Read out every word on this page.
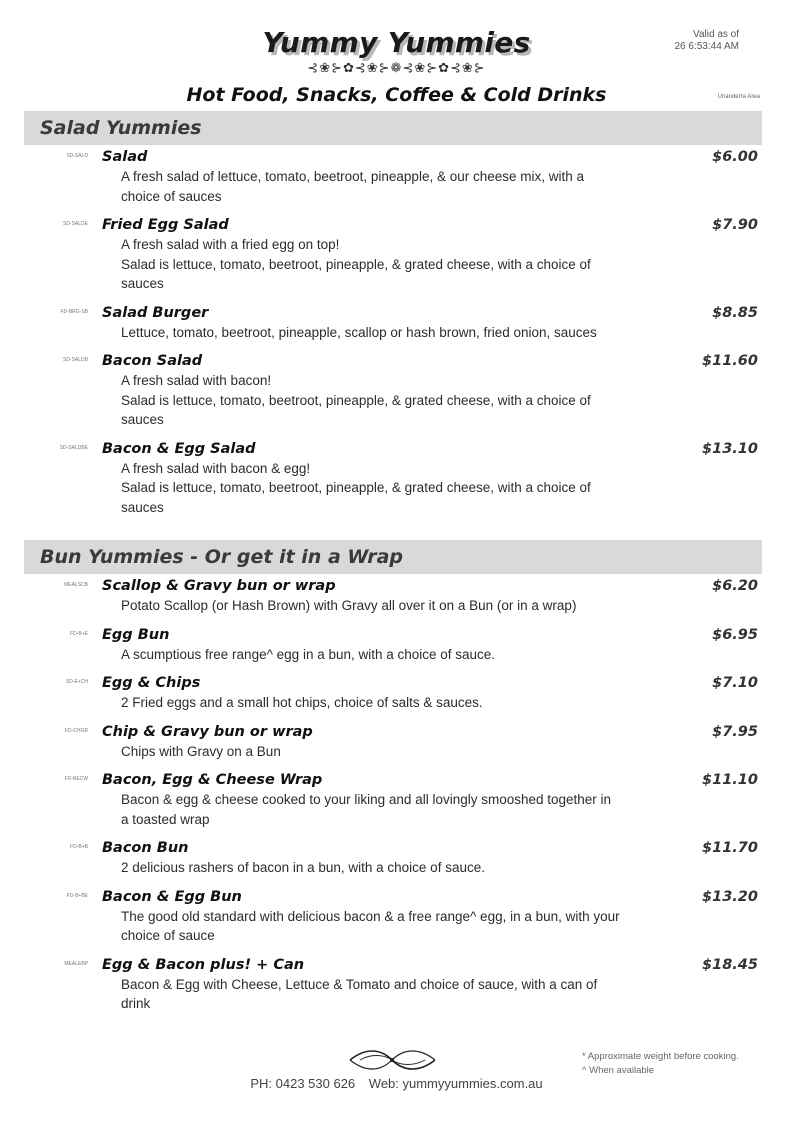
Yummy Yummies
⊰❀⊱✿⊰❀⊱❁⊰❀⊱✿⊰❀⊱
Hot Food, Snacks, Coffee & Cold Drinks
Valid as of
26 6:53:44 AM
Unanderra Area
Salad Yummies
SD-SALD Salad	$6.00
A fresh salad of lettuce, tomato, beetroot, pineapple, & our cheese mix, with a choice of sauces
SD-SALDE Fried Egg Salad	$7.90
A fresh salad with a fried egg on top!
Salad is lettuce, tomato, beetroot, pineapple, & grated cheese, with a choice of sauces
FD-BRG-SB Salad Burger	$8.85
Lettuce, tomato, beetroot, pineapple, scallop or hash brown, fried onion, sauces
SD-SALDB Bacon Salad	$11.60
A fresh salad with bacon!
Salad is lettuce, tomato, beetroot, pineapple, & grated cheese, with a choice of sauces
SD-SALDBE Bacon & Egg Salad	$13.10
A fresh salad with bacon & egg!
Salad is lettuce, tomato, beetroot, pineapple, & grated cheese, with a choice of sauces
Bun Yummies - Or get it in a Wrap
MEALSCB Scallop & Gravy bun or wrap	$6.20
Potato Scallop (or Hash Brown) with Gravy all over it on a Bun (or in a wrap)
FD-B+E Egg Bun	$6.95
A scumptious free range^ egg in a bun, with a choice of sauce.
SD-E+CH Egg & Chips	$7.10
2 Fried eggs and a small hot chips, choice of salts & sauces.
FD-CHGR Chip & Gravy bun or wrap	$7.95
Chips with Gravy on a Bun
FD-BECW Bacon, Egg & Cheese Wrap	$11.10
Bacon & egg & cheese cooked to your liking and all lovingly smooshed together in a toasted wrap
FD-B+B Bacon Bun	$11.70
2 delicious rashers of bacon in a bun, with a choice of sauce.
FD-B+BE Bacon & Egg Bun	$13.20
The good old standard with delicious bacon & a free range^ egg, in a bun, with your choice of sauce
MEALEBP Egg & Bacon plus! + Can	$18.45
Bacon & Egg with Cheese, Lettuce & Tomato and choice of sauce, with a can of drink
PH: 0423 530 626 Web: yummyyummies.com.au
* Approximate weight before cooking.
^ When available
